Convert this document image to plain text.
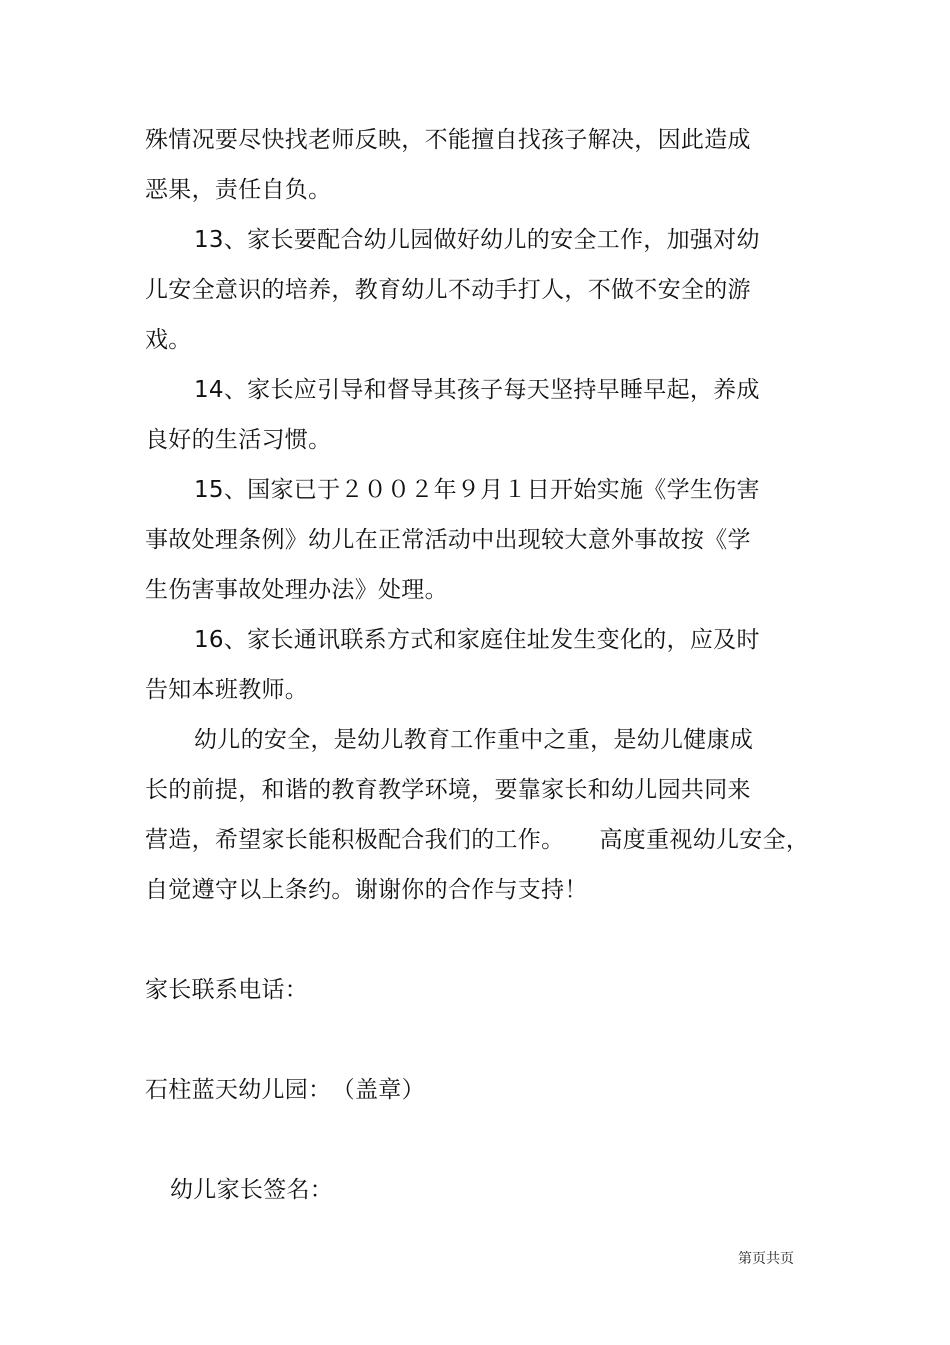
殊情况要尽快找老师反映，不能擅自找孩子解决，因此造成
恶果，责任自负。
13、家长要配合幼儿园做好幼儿的安全工作，加强对幼
儿安全意识的培养，教育幼儿不动手打人，不做不安全的游
戏。
14、家长应引导和督导其孩子每天坚持早睡早起，养成
良好的生活习惯。
15、国家已于２００２年９月１日开始实施《学生伤害
事故处理条例》幼儿在正常活动中出现较大意外事故按《学
生伤害事故处理办法》处理。
16、家长通讯联系方式和家庭住址发生变化的，应及时
告知本班教师。
幼儿的安全，是幼儿教育工作重中之重，是幼儿健康成
长的前提，和谐的教育教学环境，要靠家长和幼儿园共同来
营造，希望家长能积极配合我们的工作。　　高度重视幼儿安全，
自觉遵守以上条约。谢谢你的合作与支持！
家长联系电话：
石柱蓝天幼儿园：　（盖章）
幼儿家长签名：
第页共页
